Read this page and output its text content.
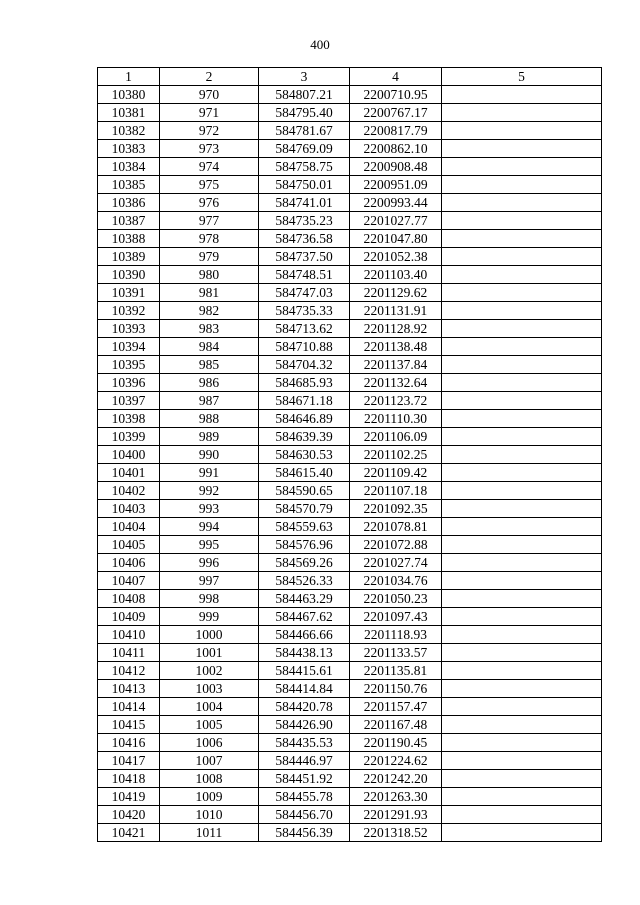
400
1	2	3	4	5
10380	970	584807.21	2200710.95	
10381	971	584795.40	2200767.17	
10382	972	584781.67	2200817.79	
10383	973	584769.09	2200862.10	
10384	974	584758.75	2200908.48	
10385	975	584750.01	2200951.09	
10386	976	584741.01	2200993.44	
10387	977	584735.23	2201027.77	
10388	978	584736.58	2201047.80	
10389	979	584737.50	2201052.38	
10390	980	584748.51	2201103.40	
10391	981	584747.03	2201129.62	
10392	982	584735.33	2201131.91	
10393	983	584713.62	2201128.92	
10394	984	584710.88	2201138.48	
10395	985	584704.32	2201137.84	
10396	986	584685.93	2201132.64	
10397	987	584671.18	2201123.72	
10398	988	584646.89	2201110.30	
10399	989	584639.39	2201106.09	
10400	990	584630.53	2201102.25	
10401	991	584615.40	2201109.42	
10402	992	584590.65	2201107.18	
10403	993	584570.79	2201092.35	
10404	994	584559.63	2201078.81	
10405	995	584576.96	2201072.88	
10406	996	584569.26	2201027.74	
10407	997	584526.33	2201034.76	
10408	998	584463.29	2201050.23	
10409	999	584467.62	2201097.43	
10410	1000	584466.66	2201118.93	
10411	1001	584438.13	2201133.57	
10412	1002	584415.61	2201135.81	
10413	1003	584414.84	2201150.76	
10414	1004	584420.78	2201157.47	
10415	1005	584426.90	2201167.48	
10416	1006	584435.53	2201190.45	
10417	1007	584446.97	2201224.62	
10418	1008	584451.92	2201242.20	
10419	1009	584455.78	2201263.30	
10420	1010	584456.70	2201291.93	
10421	1011	584456.39	2201318.52	
